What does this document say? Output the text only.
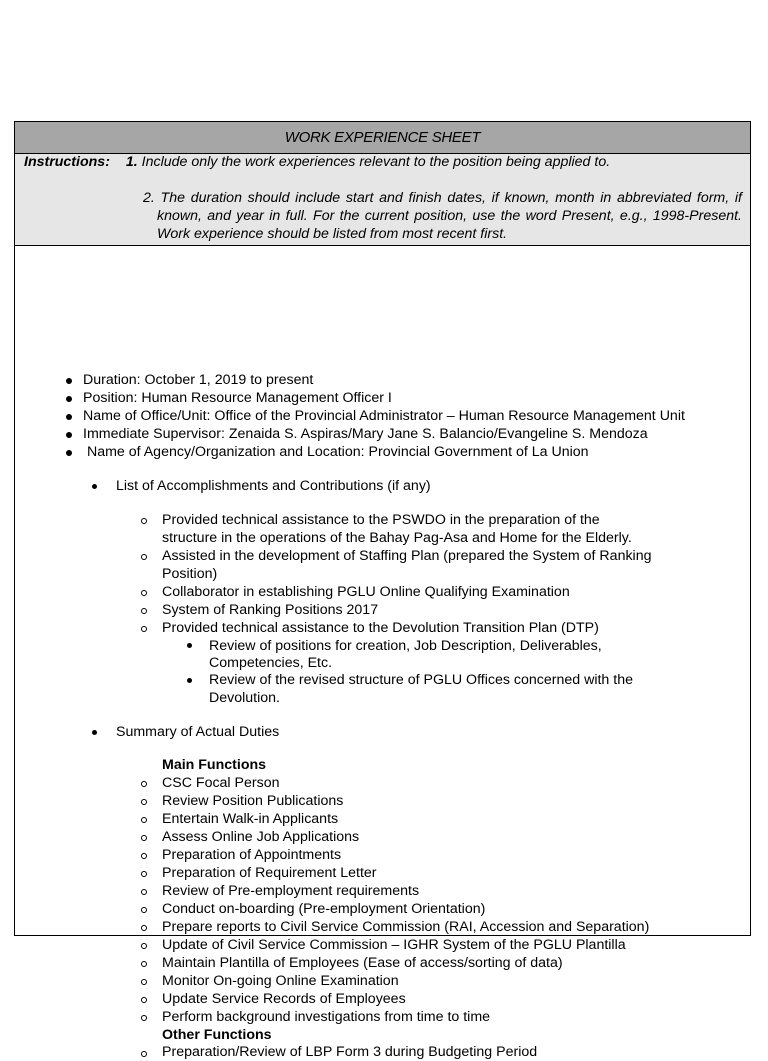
WORK EXPERIENCE SHEET
Instructions: 1. Include only the work experiences relevant to the position being applied to.
2. The duration should include start and finish dates, if known, month in abbreviated form, if known, and year in full. For the current position, use the word Present, e.g., 1998-Present. Work experience should be listed from most recent first.
Duration: October 1, 2019 to present
Position: Human Resource Management Officer I
Name of Office/Unit: Office of the Provincial Administrator – Human Resource Management Unit
Immediate Supervisor: Zenaida S. Aspiras/Mary Jane S. Balancio/Evangeline S. Mendoza
Name of Agency/Organization and Location: Provincial Government of La Union
List of Accomplishments and Contributions (if any)
Provided technical assistance to the PSWDO in the preparation of the
structure in the operations of the Bahay Pag-Asa and Home for the Elderly.
Assisted in the development of Staffing Plan (prepared the System of Ranking
Position)
Collaborator in establishing PGLU Online Qualifying Examination
System of Ranking Positions 2017
Provided technical assistance to the Devolution Transition Plan (DTP)
Review of positions for creation, Job Description, Deliverables,
Competencies, Etc.
Review of the revised structure of PGLU Offices concerned with the
Devolution.
Summary of Actual Duties
Main Functions
CSC Focal Person
Review Position Publications
Entertain Walk-in Applicants
Assess Online Job Applications
Preparation of Appointments
Preparation of Requirement Letter
Review of Pre-employment requirements
Conduct on-boarding (Pre-employment Orientation)
Prepare reports to Civil Service Commission (RAI, Accession and Separation)
Update of Civil Service Commission – IGHR System of the PGLU Plantilla
Maintain Plantilla of Employees (Ease of access/sorting of data)
Monitor On-going Online Examination
Update Service Records of Employees
Perform background investigations from time to time
Other Functions
Preparation/Review of LBP Form 3 during Budgeting Period
